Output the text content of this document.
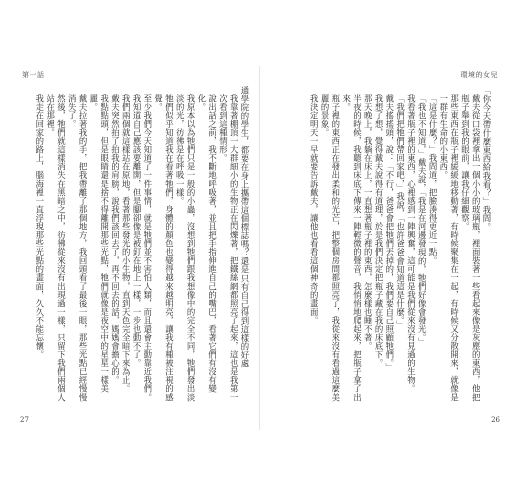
第一話

通學院的學生，都要在身上攜帶這個標誌嗎？還是只有自己得到這樣的好處

我靠著棚頂一大群細小的生物正在閃爍著，把鐵絲網都照亮了起來，這也是我第一次看到這種情形。

說出話之前，我不斷地呼吸著，並且把手指伸進自己的嘴巴，看著它們有沒有變化。

我原本以為牠們只是一般的小蟲，沒想到牠們跟我想像中的完全不同，牠們發出淡淡的光，彷彿是在呼吸一樣。

牠們似乎知道我在看著牠們，身體的顏色也變得越來越明亮，讓我有種被注視的感覺。

至少我們今天知道了一件事情，就是牠們並不害怕人類，而且還會主動靠近我們。

我知道自己應該要離開，但是腳卻像是被釘在地上一樣，一步也動不了。

我們兩個就這樣站在原地，看著那些發光的小生物，直到天色完全暗下來為止。

戴夫突然拍了拍我的肩膀，說我們該回去了，再不回去的話，媽媽會擔心的。

我點點頭，但是眼睛還是捨不得離開那些光點，牠們就像是夜空中的星星一樣美麗。

戴夫拉著我的手，把我帶離了那個地方，我回頭看了最後一眼，那些光點已經慢慢消失了。

然後，牠們就這樣消失在黑暗之中，彷彿從來沒有出現過一樣，只留下我們兩個人站在那裡。

我走在回家的路上，腦海裡一直浮現那些光點的畫面，久久不能忘懷。

27
環境的女兒

「你今天帶什麼東西給我看？」我問。

戴夫從口袋裡拿出一個小小的玻璃瓶，裡面裝著一些看起來像是灰塵的東西，他把瓶子舉到我的眼前，讓我仔細觀察。

那些東西在瓶子裡緩緩地移動著，有時候聚集在一起，有時候又分散開來，就像是一群有生命的小東西。

「這是什麼？」我問道，把臉湊得更近一點。

「我也不知道，」戴夫說，「我是在河邊發現的，牠們好像會發光。」

我看著瓶子裡的東西，心裡感到一陣興奮，這可能是我們從來沒有見過的生物。

「我們把牠們帶回家吧，」我說，「也許爸爸會知道這是什麼。」

戴夫搖搖頭，說：「不行，爸爸會把牠們丟掉的，我們要自己照顧牠們。」

我想了想，覺得戴夫說得有道理，於是我們決定把瓶子藏在我的床底下。

那天晚上，我躺在床上，一直想著瓶子裡的東西，怎麼樣也睡不著。

半夜的時候，我聽到床底下傳來一陣輕微的聲音，我悄悄地爬起來，把瓶子拿了出來。

瓶子裡的東西正在發出柔和的光芒，把整個房間都照亮了，我從來沒有看過這麼美麗的景象。

我決定明天一早就要告訴戴夫，讓他也看看這個神奇的畫面。

26
